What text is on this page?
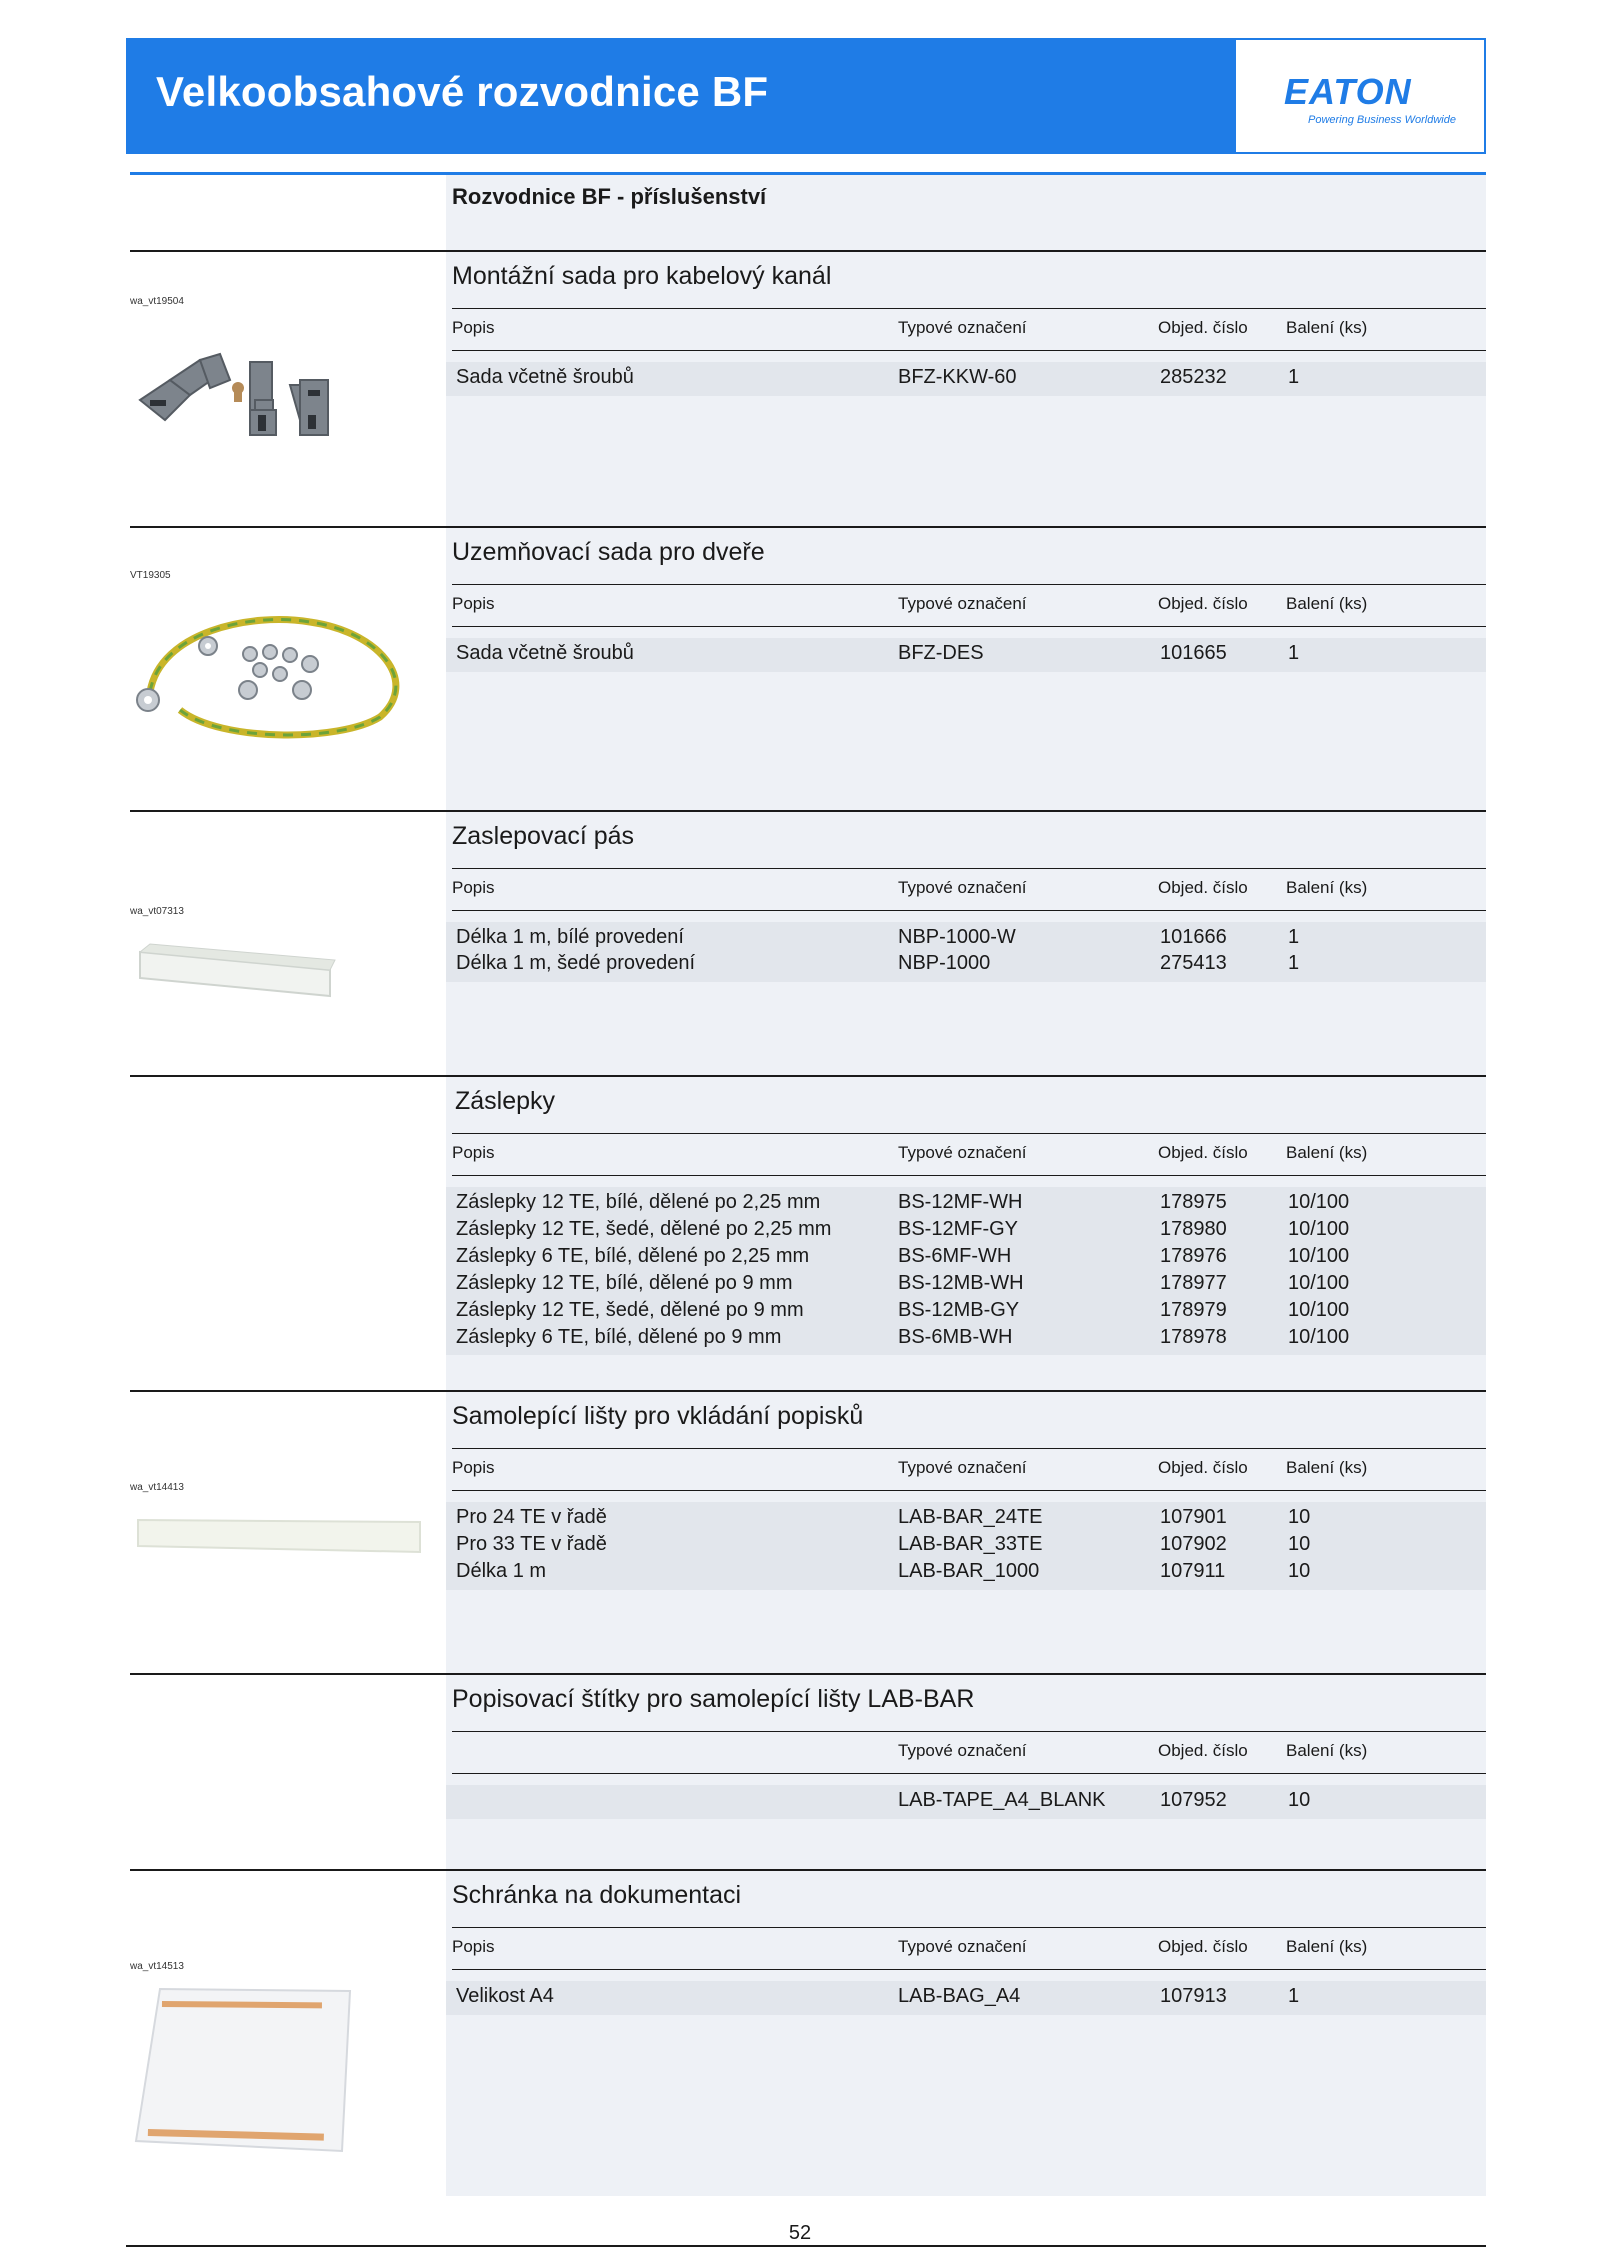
Velkoobsahové rozvodnice BF	EATON
Powering Business Worldwide
Rozvodnice BF - příslušenství
Montážní sada pro kabelový kanál
wa_vt19504
Popis	Typové označení	Objed. číslo Balení (ks)
Sada včetně šroubů	BFZ-KKW-60	285232	1
Uzemňovací sada pro dveře
VT19305
Popis	Typové označení	Objed. číslo Balení (ks)
Sada včetně šroubů	BFZ-DES	101665	1
Zaslepovací pás
wa_vt07313
Popis	Typové označení	Objed. číslo Balení (ks)
Délka 1 m, bílé provedení	NBP-1000-W	101666	1
Délka 1 m, šedé provedení	NBP-1000	275413	1
Záslepky
Popis	Typové označení	Objed. číslo Balení (ks)
Záslepky 12 TE, bílé, dělené po 2,25 mm	BS-12MF-WH	178975	10/100
Záslepky 12 TE, šedé, dělené po 2,25 mm	BS-12MF-GY	178980	10/100
Záslepky 6 TE, bílé, dělené po 2,25 mm	BS-6MF-WH	178976	10/100
Záslepky 12 TE, bílé, dělené po 9 mm	BS-12MB-WH	178977	10/100
Záslepky 12 TE, šedé, dělené po 9 mm	BS-12MB-GY	178979	10/100
Záslepky 6 TE, bílé, dělené po 9 mm	BS-6MB-WH	178978	10/100
Samolepící lišty pro vkládání popisků
wa_vt14413
Popis	Typové označení	Objed. číslo Balení (ks)
Pro 24 TE v řadě	LAB-BAR_24TE	107901	10
Pro 33 TE v řadě	LAB-BAR_33TE	107902	10
Délka 1 m	LAB-BAR_1000	107911	10
Popisovací štítky pro samolepící lišty LAB-BAR
Typové označení	Objed. číslo Balení (ks)
LAB-TAPE_A4_BLANK	107952	10
Schránka na dokumentaci
wa_vt14513
Popis	Typové označení	Objed. číslo Balení (ks)
Velikost A4	LAB-BAG_A4	107913	1
52
